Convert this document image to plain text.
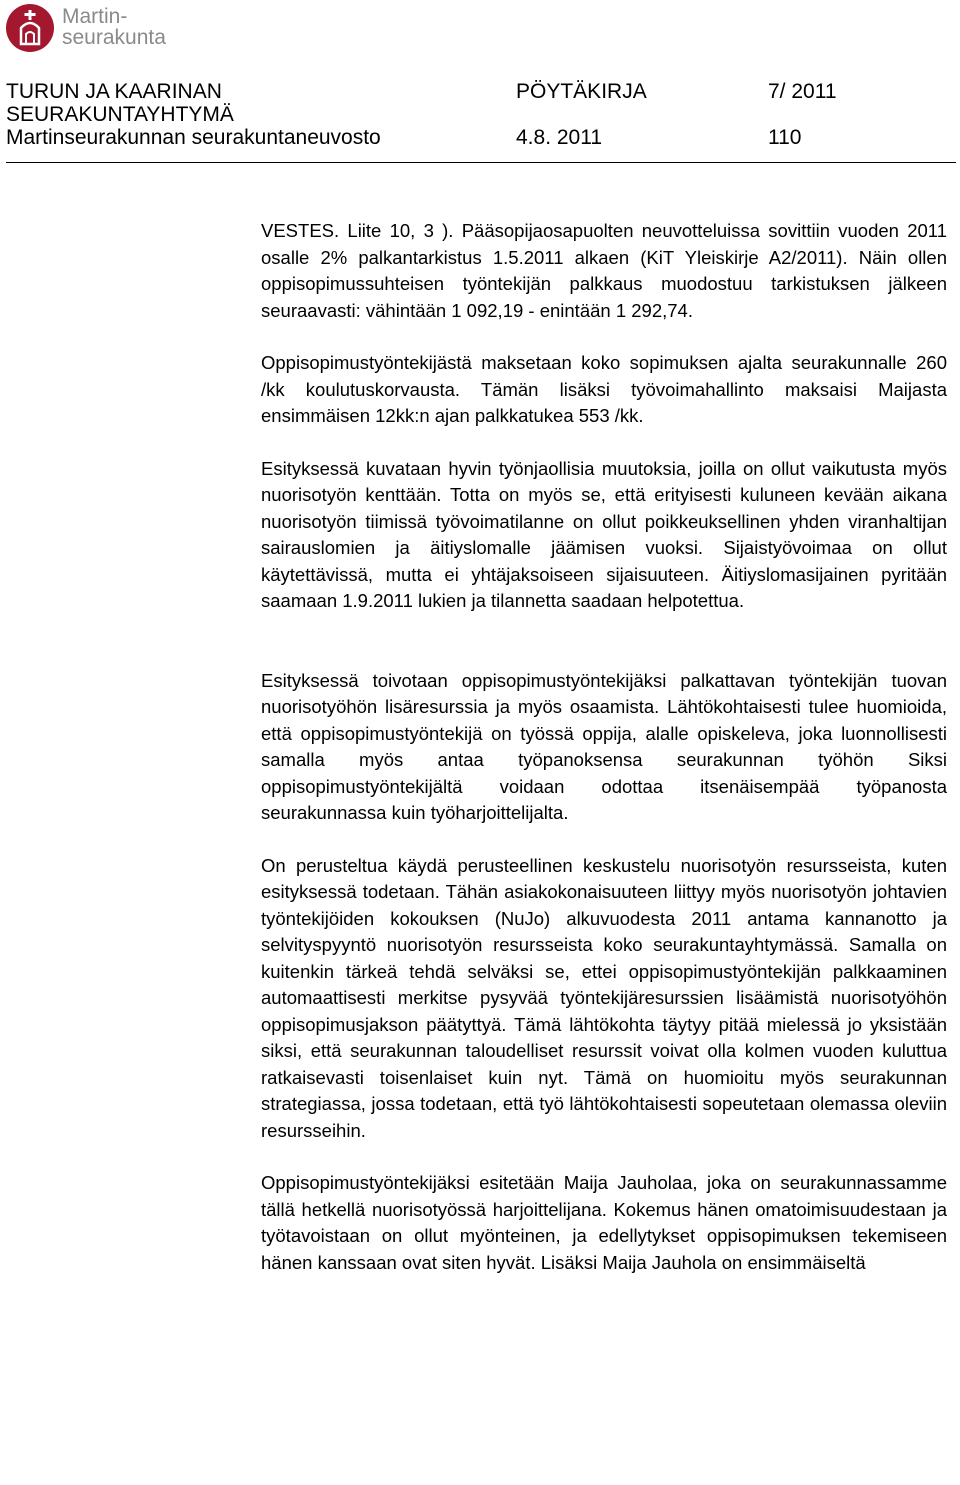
Martin-
seurakunta
TURUN JA KAARINAN	PÖYTÄKIRJA	7/ 2011
SEURAKUNTAYHTYMÄ
Martinseurakunnan seurakuntaneuvosto	4.8. 2011	110

VESTES. Liite 10, 3 ). Pääsopijaosapuolten neuvotteluissa sovittiin vuoden 2011 osalle 2% palkantarkistus 1.5.2011 alkaen (KiT Yleiskirje A2/2011). Näin ollen oppisopimussuhteisen työntekijän palkkaus muodostuu tarkistuksen jälkeen seuraavasti: vähintään 1 092,19 - enintään 1 292,74.

Oppisopimustyöntekijästä maksetaan koko sopimuksen ajalta seurakunnalle 260 /kk koulutuskorvausta. Tämän lisäksi työvoimahallinto maksaisi Maijasta ensimmäisen 12kk:n ajan palkkatukea 553 /kk.

Esityksessä kuvataan hyvin työnjaollisia muutoksia, joilla on ollut vaikutusta myös nuorisotyön kenttään. Totta on myös se, että erityisesti kuluneen kevään aikana nuorisotyön tiimissä työvoimatilanne on ollut poikkeuksellinen yhden viranhaltijan sairauslomien ja äitiyslomalle jäämisen vuoksi. Sijaistyövoimaa on ollut käytettävissä, mutta ei yhtäjaksoiseen sijaisuuteen. Äitiyslomasijainen pyritään saamaan 1.9.2011 lukien ja tilannetta saadaan helpotettua.

Esityksessä toivotaan oppisopimustyöntekijäksi palkattavan työntekijän tuovan nuorisotyöhön lisäresurssia ja myös osaamista. Lähtökohtaisesti tulee huomioida, että oppisopimustyöntekijä on työssä oppija, alalle opiskeleva, joka luonnollisesti samalla myös antaa työpanoksensa seurakunnan työhön Siksi oppisopimustyöntekijältä voidaan odottaa itsenäisempää työpanosta seurakunnassa kuin työharjoittelijalta.

On perusteltua käydä perusteellinen keskustelu nuorisotyön resursseista, kuten esityksessä todetaan. Tähän asiakokonaisuuteen liittyy myös nuorisotyön johtavien työntekijöiden kokouksen (NuJo) alkuvuodesta 2011 antama kannanotto ja selvityspyyntö nuorisotyön resursseista koko seurakuntayhtymässä. Samalla on kuitenkin tärkeä tehdä selväksi se, ettei oppisopimustyöntekijän palkkaaminen automaattisesti merkitse pysyvää työntekijäresurssien lisäämistä nuorisotyöhön oppisopimusjakson päätyttyä. Tämä lähtökohta täytyy pitää mielessä jo yksistään siksi, että seurakunnan taloudelliset resurssit voivat olla kolmen vuoden kuluttua ratkaisevasti toisenlaiset kuin nyt. Tämä on huomioitu myös seurakunnan strategiassa, jossa todetaan, että työ lähtökohtaisesti sopeutetaan olemassa oleviin resursseihin.

Oppisopimustyöntekijäksi esitetään Maija Jauholaa, joka on seurakunnassamme tällä hetkellä nuorisotyössä harjoittelijana. Kokemus hänen omatoimisuudestaan ja työtavoistaan on ollut myönteinen, ja edellytykset oppisopimuksen tekemiseen hänen kanssaan ovat siten hyvät. Lisäksi Maija Jauhola on ensimmäiseltä
